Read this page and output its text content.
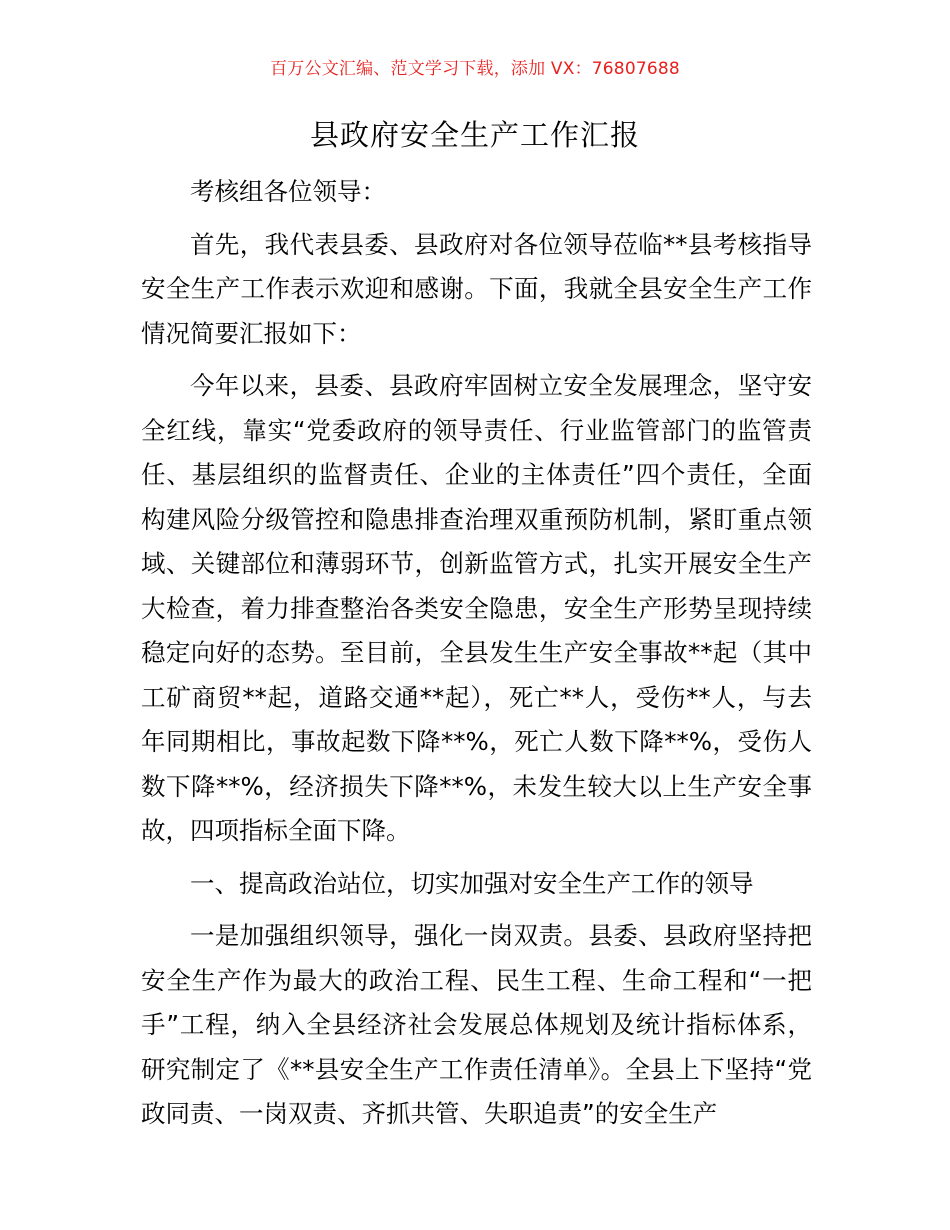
百万公文汇编、范文学习下载，添加 VX：76807688
县政府安全生产工作汇报

考核组各位领导：

首先，我代表县委、县政府对各位领导莅临**县考核指导安全生产工作表示欢迎和感谢。下面，我就全县安全生产工作情况简要汇报如下：

今年以来，县委、县政府牢固树立安全发展理念，坚守安全红线，靠实“党委政府的领导责任、行业监管部门的监管责任、基层组织的监督责任、企业的主体责任”四个责任，全面构建风险分级管控和隐患排查治理双重预防机制，紧盯重点领域、关键部位和薄弱环节，创新监管方式，扎实开展安全生产大检查，着力排查整治各类安全隐患，安全生产形势呈现持续稳定向好的态势。至目前，全县发生生产安全事故**起（其中工矿商贸**起，道路交通**起），死亡**人，受伤**人，与去年同期相比，事故起数下降**%，死亡人数下降**%，受伤人数下降**%，经济损失下降**%，未发生较大以上生产安全事故，四项指标全面下降。

一、提高政治站位，切实加强对安全生产工作的领导

一是加强组织领导，强化一岗双责。县委、县政府坚持把安全生产作为最大的政治工程、民生工程、生命工程和“一把手”工程，纳入全县经济社会发展总体规划及统计指标体系，研究制定了《**县安全生产工作责任清单》。全县上下坚持“党政同责、一岗双责、齐抓共管、失职追责”的安全生产
